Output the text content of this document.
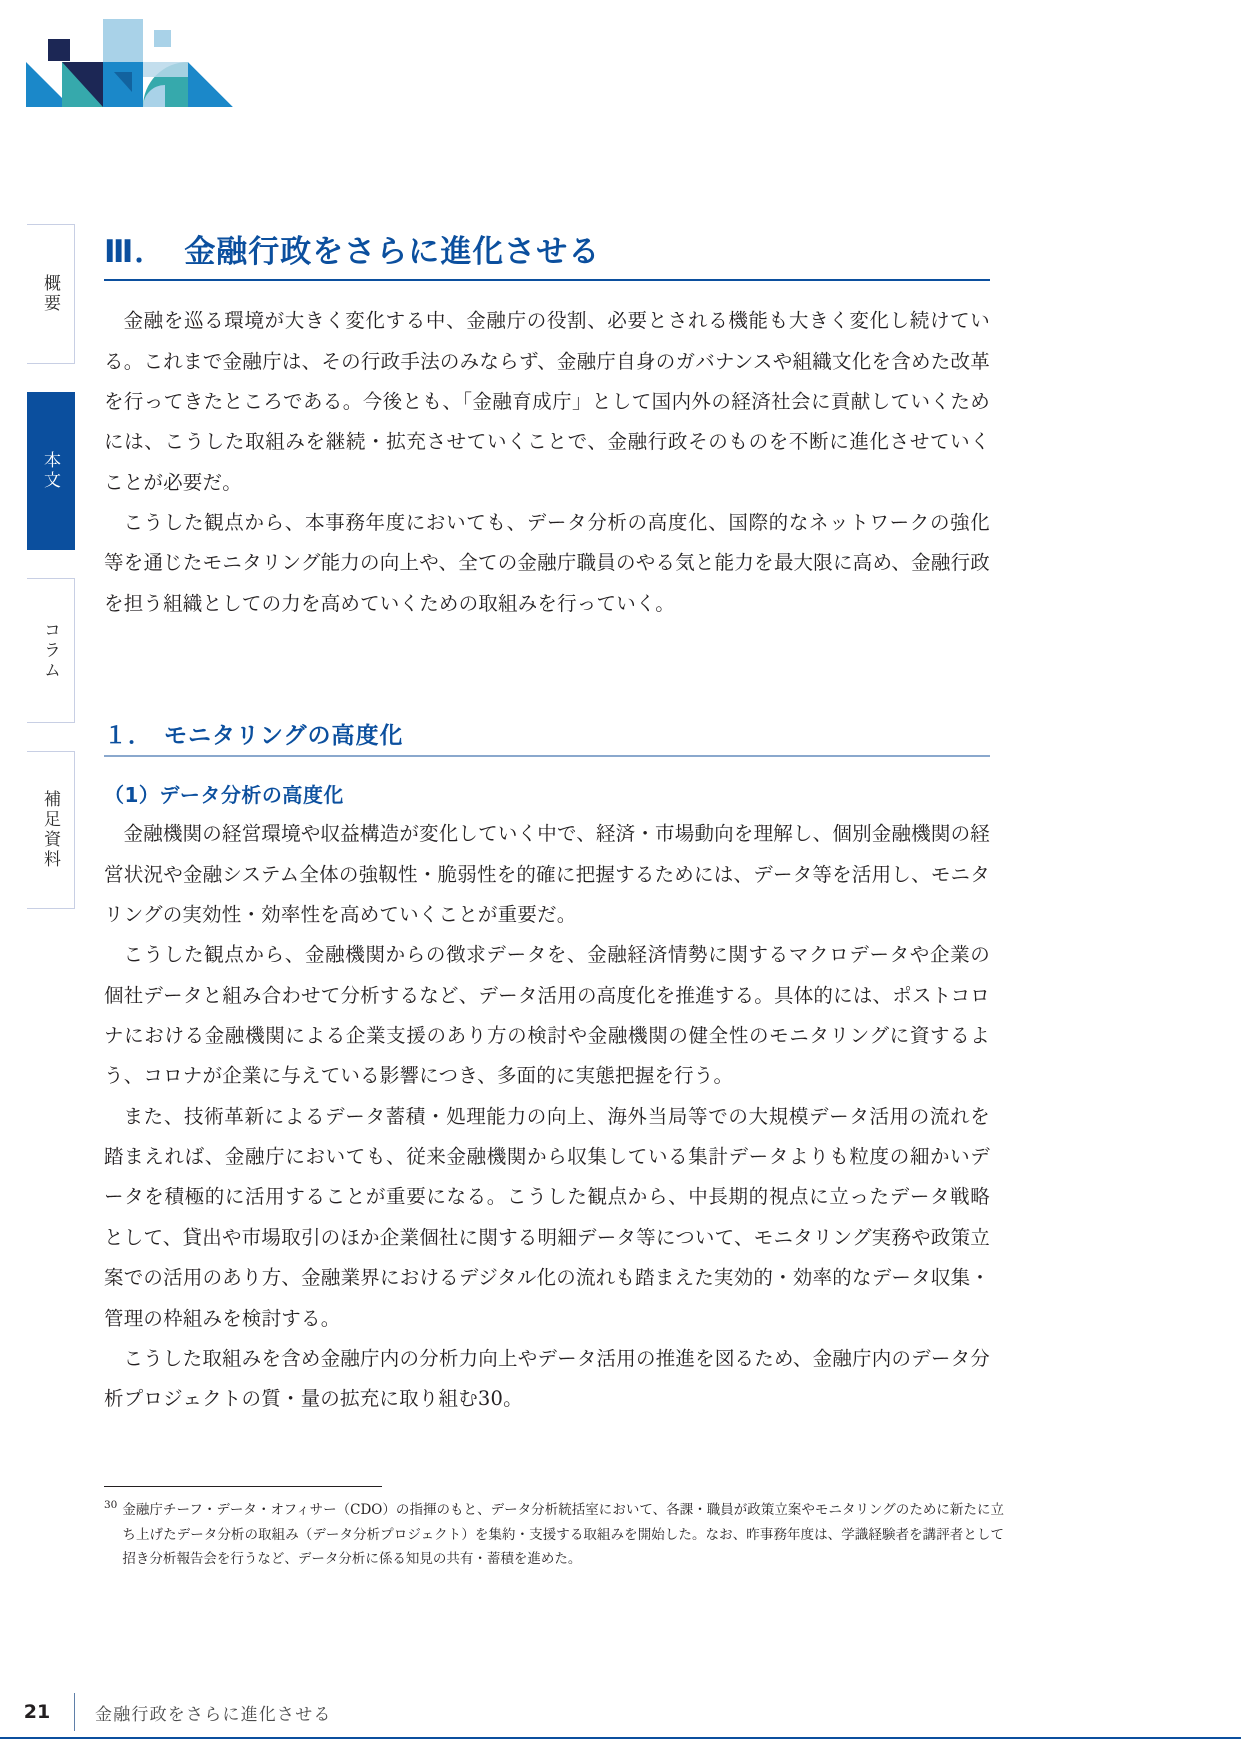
概要
本文
コラム
補足資料
Ⅲ． 金融行政をさらに進化させる

金融を巡る環境が大きく変化する中、金融庁の役割、必要とされる機能も大きく変化し続けている。これまで金融庁は、その行政手法のみならず、金融庁自身のガバナンスや組織文化を含めた改革を行ってきたところである。今後とも、「金融育成庁」として国内外の経済社会に貢献していくためには、こうした取組みを継続・拡充させていくことで、金融行政そのものを不断に進化させていくことが必要だ。

こうした観点から、本事務年度においても、データ分析の高度化、国際的なネットワークの強化等を通じたモニタリング能力の向上や、全ての金融庁職員のやる気と能力を最大限に高め、金融行政を担う組織としての力を高めていくための取組みを行っていく。

１． モニタリングの高度化
（1）データ分析の高度化

金融機関の経営環境や収益構造が変化していく中で、経済・市場動向を理解し、個別金融機関の経営状況や金融システム全体の強靱性・脆弱性を的確に把握するためには、データ等を活用し、モニタリングの実効性・効率性を高めていくことが重要だ。

こうした観点から、金融機関からの徴求データを、金融経済情勢に関するマクロデータや企業の個社データと組み合わせて分析するなど、データ活用の高度化を推進する。具体的には、ポストコロナにおける金融機関による企業支援のあり方の検討や金融機関の健全性のモニタリングに資するよう、コロナが企業に与えている影響につき、多面的に実態把握を行う。

また、技術革新によるデータ蓄積・処理能力の向上、海外当局等での大規模データ活用の流れを踏まえれば、金融庁においても、従来金融機関から収集している集計データよりも粒度の細かいデータを積極的に活用することが重要になる。こうした観点から、中長期的視点に立ったデータ戦略として、貸出や市場取引のほか企業個社に関する明細データ等について、モニタリング実務や政策立案での活用のあり方、金融業界におけるデジタル化の流れも踏まえた実効的・効率的なデータ収集・管理の枠組みを検討する。

こうした取組みを含め金融庁内の分析力向上やデータ活用の推進を図るため、金融庁内のデータ分析プロジェクトの質・量の拡充に取り組む30。

30 金融庁チーフ・データ・オフィサー（CDO）の指揮のもと、データ分析統括室において、各課・職員が政策立案やモニタリングのために新たに立ち上げたデータ分析の取組み（データ分析プロジェクト）を集約・支援する取組みを開始した。なお、昨事務年度は、学識経験者を講評者として招き分析報告会を行うなど、データ分析に係る知見の共有・蓄積を進めた。
21	金融行政をさらに進化させる
